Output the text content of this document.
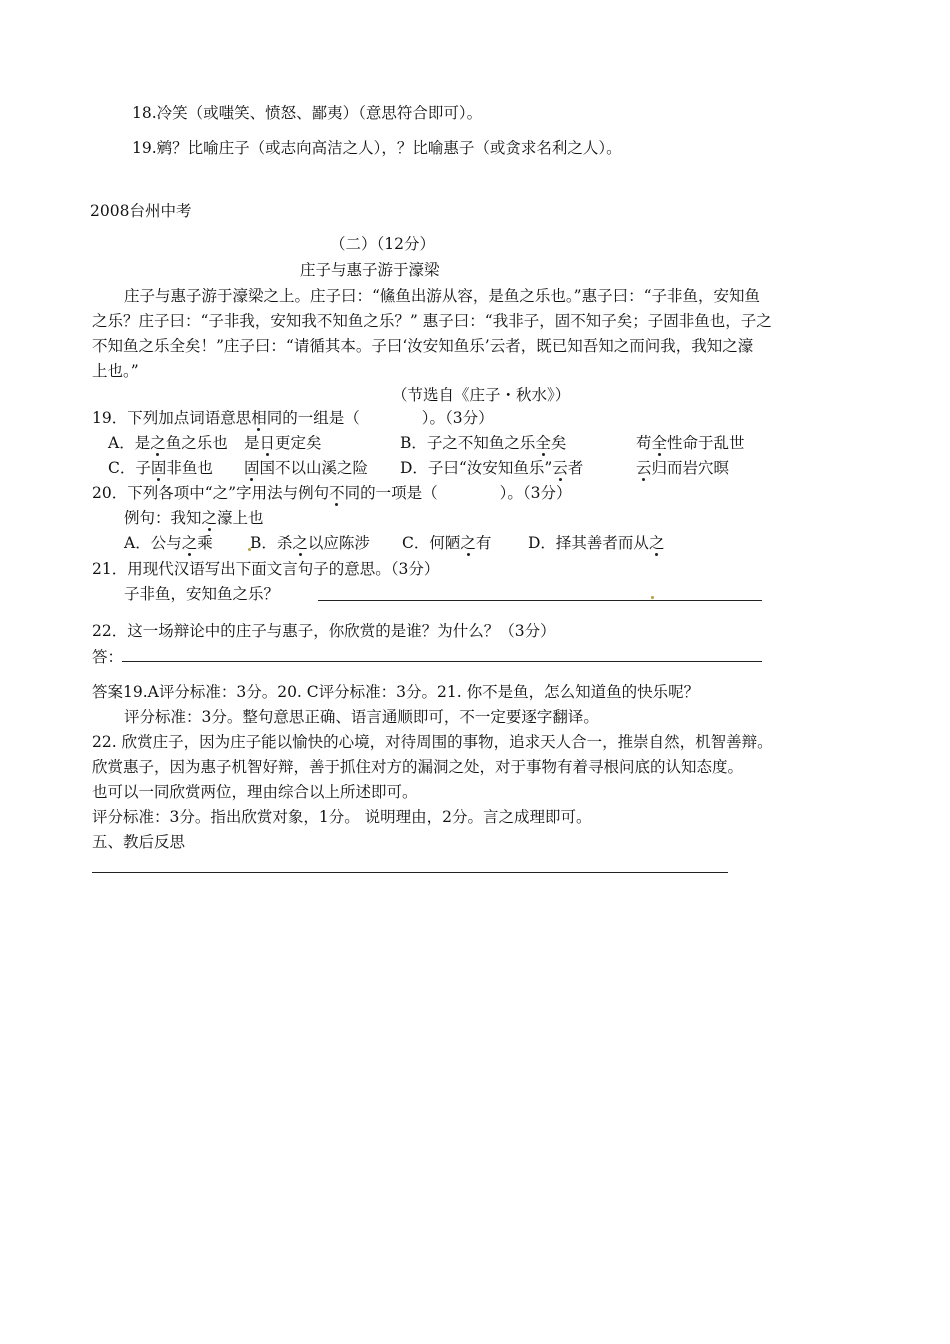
18.冷笑（或嗤笑、愤怒、鄙夷）（意思符合即可）。
19.鹓？比喻庄子（或志向高洁之人），？比喻惠子（或贪求名利之人）。
2008台州中考
（二）（12分）
庄子与惠子游于濠梁
庄子与惠子游于濠梁之上。庄子曰：“鯈鱼出游从容，是鱼之乐也。”惠子曰：“子非鱼，安知鱼
之乐？庄子曰：“子非我，安知我不知鱼之乐？” 惠子曰：“我非子，固不知子矣；子固非鱼也，子之
不知鱼之乐全矣！”庄子曰：“请循其本。子曰‘汝安知鱼乐’云者，既已知吾知之而问我，我知之濠
上也。”
（节选自《庄子・秋水》）
19．下列加点词语意思相同的一组是（　　　　）。（3分）
A．是之鱼之乐也 是日更定矣	B．子之不知鱼之乐全矣	苟全性命于乱世
C．子固非鱼也 固国不以山溪之险 D．子曰“汝安知鱼乐”云者	云归而岩穴暝
20．下列各项中“之”字用法与例句不同的一项是（　　　　）。（3分）
例句：我知之濠上也
A．公与之乘 B．杀之以应陈涉 C．何陋之有 D．择其善者而从之
21．用现代汉语写出下面文言句子的意思。（3分）
子非鱼，安知鱼之乐？
22．这一场辩论中的庄子与惠子，你欣赏的是谁？为什么？（3分）
答：
答案19.A评分标准：3分。20. C评分标准：3分。21. 你不是鱼，怎么知道鱼的快乐呢？
评分标准：3分。整句意思正确、语言通顺即可，不一定要逐字翻译。
22. 欣赏庄子，因为庄子能以愉快的心境，对待周围的事物，追求天人合一，推崇自然，机智善辩。
欣赏惠子，因为惠子机智好辩，善于抓住对方的漏洞之处，对于事物有着寻根问底的认知态度。
也可以一同欣赏两位，理由综合以上所述即可。
评分标准：3分。指出欣赏对象，1分。 说明理由，2分。言之成理即可。
五、教后反思
